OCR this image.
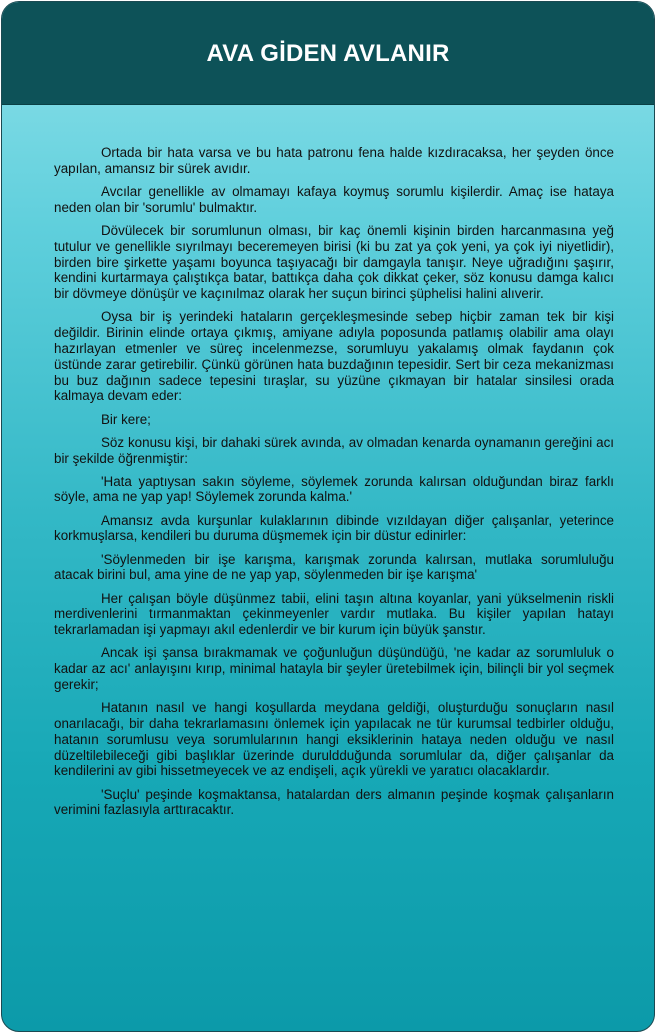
AVA GİDEN AVLANIR

Ortada bir hata varsa ve bu hata patronu fena halde kızdıracaksa, her şeyden önce yapılan, amansız bir sürek avıdır.

Avcılar genellikle av olmamayı kafaya koymuş sorumlu kişilerdir. Amaç ise hataya neden olan bir 'sorumlu' bulmaktır.

Dövülecek bir sorumlunun olması, bir kaç önemli kişinin birden harcanmasına yeğ tutulur ve genellikle sıyrılmayı beceremeyen birisi (ki bu zat ya çok yeni, ya çok iyi niyetlidir), birden bire şirkette yaşamı boyunca taşıyacağı bir damgayla tanışır. Neye uğradığını şaşırır, kendini kurtarmaya çalıştıkça batar, battıkça daha çok dikkat çeker, söz konusu damga kalıcı bir dövmeye dönüşür ve kaçınılmaz olarak her suçun birinci şüphelisi halini alıverir.

Oysa bir iş yerindeki hataların gerçekleşmesinde sebep hiçbir zaman tek bir kişi değildir. Birinin elinde ortaya çıkmış, amiyane adıyla poposunda patlamış olabilir ama olayı hazırlayan etmenler ve süreç incelenmezse, sorumluyu yakalamış olmak faydanın çok üstünde zarar getirebilir. Çünkü görünen hata buzdağının tepesidir. Sert bir ceza mekanizması bu buz dağının sadece tepesini tıraşlar, su yüzüne çıkmayan bir hatalar sinsilesi orada kalmaya devam eder:

Bir kere;

Söz konusu kişi, bir dahaki sürek avında, av olmadan kenarda oynamanın gereğini acı bir şekilde öğrenmiştir:

'Hata yaptıysan sakın söyleme, söylemek zorunda kalırsan olduğundan biraz farklı söyle, ama ne yap yap! Söylemek zorunda kalma.'

Amansız avda kurşunlar kulaklarının dibinde vızıldayan diğer çalışanlar, yeterince korkmuşlarsa, kendileri bu duruma düşmemek için bir düstur edinirler:

'Söylenmeden bir işe karışma, karışmak zorunda kalırsan, mutlaka sorumluluğu atacak birini bul, ama yine de ne yap yap, söylenmeden bir işe karışma'

Her çalışan böyle düşünmez tabii, elini taşın altına koyanlar, yani yükselmenin riskli merdivenlerini tırmanmaktan çekinmeyenler vardır mutlaka. Bu kişiler yapılan hatayı tekrarlamadan işi yapmayı akıl edenlerdir ve bir kurum için büyük şanstır.

Ancak işi şansa bırakmamak ve çoğunluğun düşündüğü, 'ne kadar az sorumluluk o kadar az acı' anlayışını kırıp, minimal hatayla bir şeyler üretebilmek için, bilinçli bir yol seçmek gerekir;

Hatanın nasıl ve hangi koşullarda meydana geldiği, oluşturduğu sonuçların nasıl onarılacağı, bir daha tekrarlamasını önlemek için yapılacak ne tür kurumsal tedbirler olduğu, hatanın sorumlusu veya sorumlularının hangi eksiklerinin hataya neden olduğu ve nasıl düzeltilebileceği gibi başlıklar üzerinde duruldduğunda sorumlular da, diğer çalışanlar da kendilerini av gibi hissetmeyecek ve az endişeli, açık yürekli ve yaratıcı olacaklardır.

'Suçlu' peşinde koşmaktansa, hatalardan ders almanın peşinde koşmak çalışanların verimini fazlasıyla arttıracaktır.
